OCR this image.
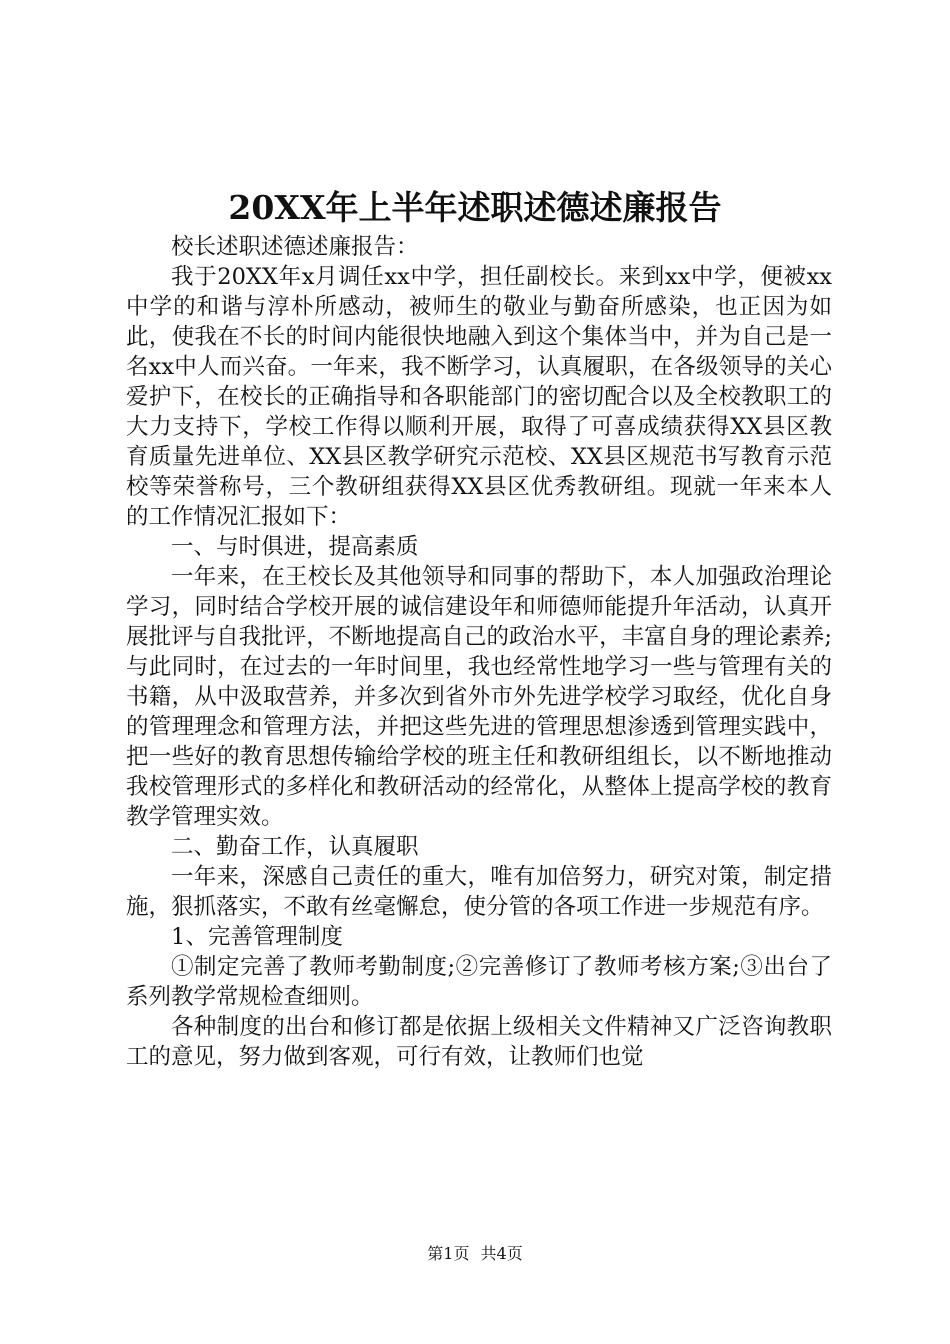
20XX年上半年述职述德述廉报告

校长述职述德述廉报告：

我于20XX年x月调任xx中学，担任副校长。来到xx中学，便被xx中学的和谐与淳朴所感动，被师生的敬业与勤奋所感染，也正因为如此，使我在不长的时间内能很快地融入到这个集体当中，并为自己是一名xx中人而兴奋。一年来，我不断学习，认真履职，在各级领导的关心爱护下，在校长的正确指导和各职能部门的密切配合以及全校教职工的大力支持下，学校工作得以顺利开展，取得了可喜成绩获得XX县区教育质量先进单位、XX县区教学研究示范校、XX县区规范书写教育示范校等荣誉称号，三个教研组获得XX县区优秀教研组。现就一年来本人的工作情况汇报如下：

一、与时俱进，提高素质

一年来，在王校长及其他领导和同事的帮助下，本人加强政治理论学习，同时结合学校开展的诚信建设年和师德师能提升年活动，认真开展批评与自我批评，不断地提高自己的政治水平，丰富自身的理论素养;与此同时，在过去的一年时间里，我也经常性地学习一些与管理有关的书籍，从中汲取营养，并多次到省外市外先进学校学习取经，优化自身的管理理念和管理方法，并把这些先进的管理思想渗透到管理实践中，把一些好的教育思想传输给学校的班主任和教研组组长，以不断地推动我校管理形式的多样化和教研活动的经常化，从整体上提高学校的教育教学管理实效。

二、勤奋工作，认真履职

一年来，深感自己责任的重大，唯有加倍努力，研究对策，制定措施，狠抓落实，不敢有丝毫懈怠，使分管的各项工作进一步规范有序。

1、完善管理制度

①制定完善了教师考勤制度;②完善修订了教师考核方案;③出台了系列教学常规检查细则。

各种制度的出台和修订都是依据上级相关文件精神又广泛咨询教职工的意见，努力做到客观，可行有效，让教师们也觉

第1页 共4页
